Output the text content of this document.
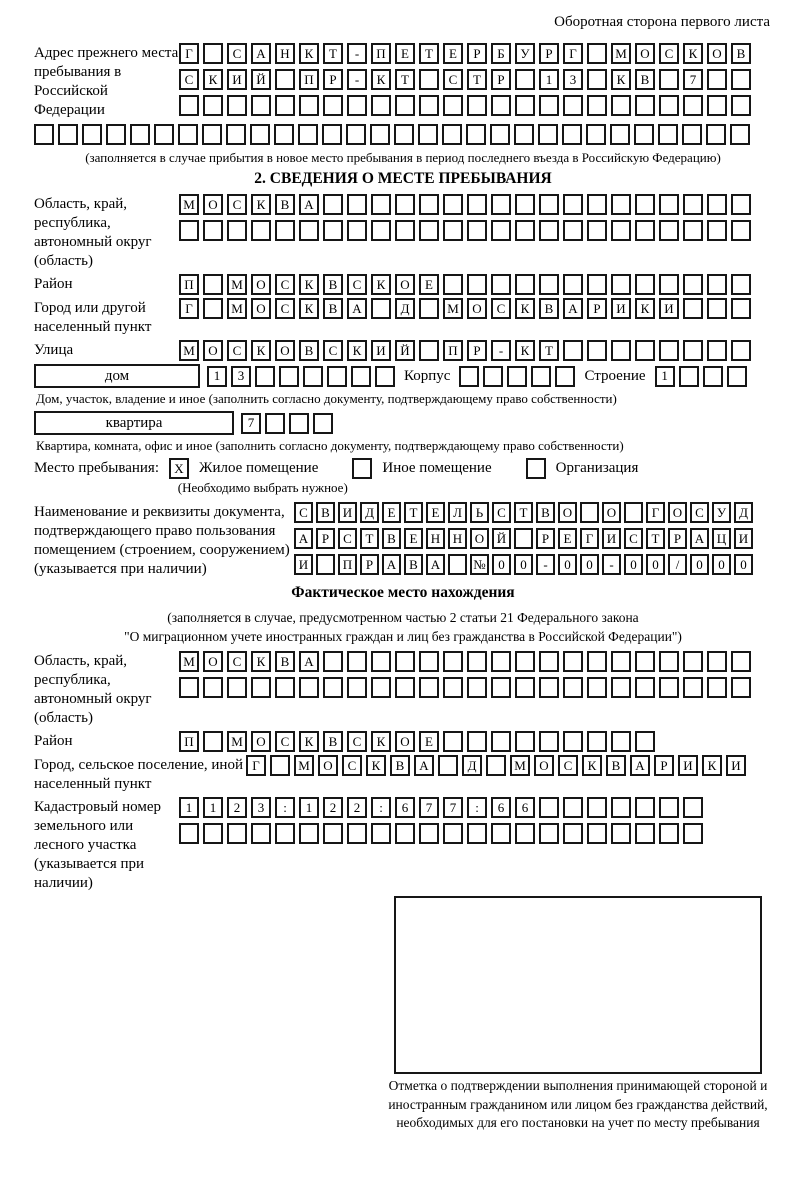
Оборотная сторона первого листа
Адрес прежнего места пребывания в Российской Федерации
Г	С	А	Н	К	Т	-	П	Е	Т	Е	Р	Б	У	Р	Г	М	О	С	К	О	В
С	К	И	Й	П	Р	-	К	Т	С	Т	Р	1	3	К	В	7
(заполняется в случае прибытия в новое место пребывания в период последнего въезда в Российскую Федерацию)
2. СВЕДЕНИЯ О МЕСТЕ ПРЕБЫВАНИЯ
Область, край, республика, автономный округ (область)
М	О	С	К	В	А
Район	П	М	О	С	К	В	С	К	О	Е
Город или другой населенный пункт
Г	М	О	С	К	В	А	Д	М	О	С	К	В	А	Р	И	К	И
Улица	М	О	С	К	О	В	С	К	И	Й	П	Р	-	К	Т
дом	1	3	Корпус	Строение	1
Дом, участок, владение и иное (заполнить согласно документу, подтверждающему право собственности)
квартира	7
Квартира, комната, офис и иное (заполнить согласно документу, подтверждающему право собственности)
Место пребывания:	X	Жилое помещение	Иное помещение	Организация
(Необходимо выбрать нужное)
Наименование и реквизиты документа, подтверждающего право пользования помещением (строением, сооружением) (указывается при наличии)
С	В И Д	Е	Т	Е	Л	Ь	С	Т	В О	О	Г	О С	У Д
А	Р	С	Т	В	Е	Н Н О Й	Р	Е	Г	И С	Т	Р	А Ц И
И	П	Р	А В А	№ 0	0	-	0	0	-	0	0	/	0	0	0
Фактическое место нахождения
(заполняется в случае, предусмотренном частью 2 статьи 21 Федерального закона
"О миграционном учете иностранных граждан и лиц без гражданства в Российской Федерации")
Область, край, республика, автономный округ (область)
М	О	С	К	В	А
Район	П	М	О	С	К	В	С	К	О	Е
Город, сельское поселение, иной населенный пункт
Г	М	О	С	К	В	А	Д	М	О	С	К	В	А	Р	И	К	И
Кадастровый номер земельного или лесного участка (указывается при наличии)
1	1	2	3	:	1	2	2	:	6	7	7	:	6	6
Отметка о подтверждении выполнения принимающей стороной и иностранным гражданином или лицом без гражданства действий, необходимых для его постановки на учет по месту пребывания
